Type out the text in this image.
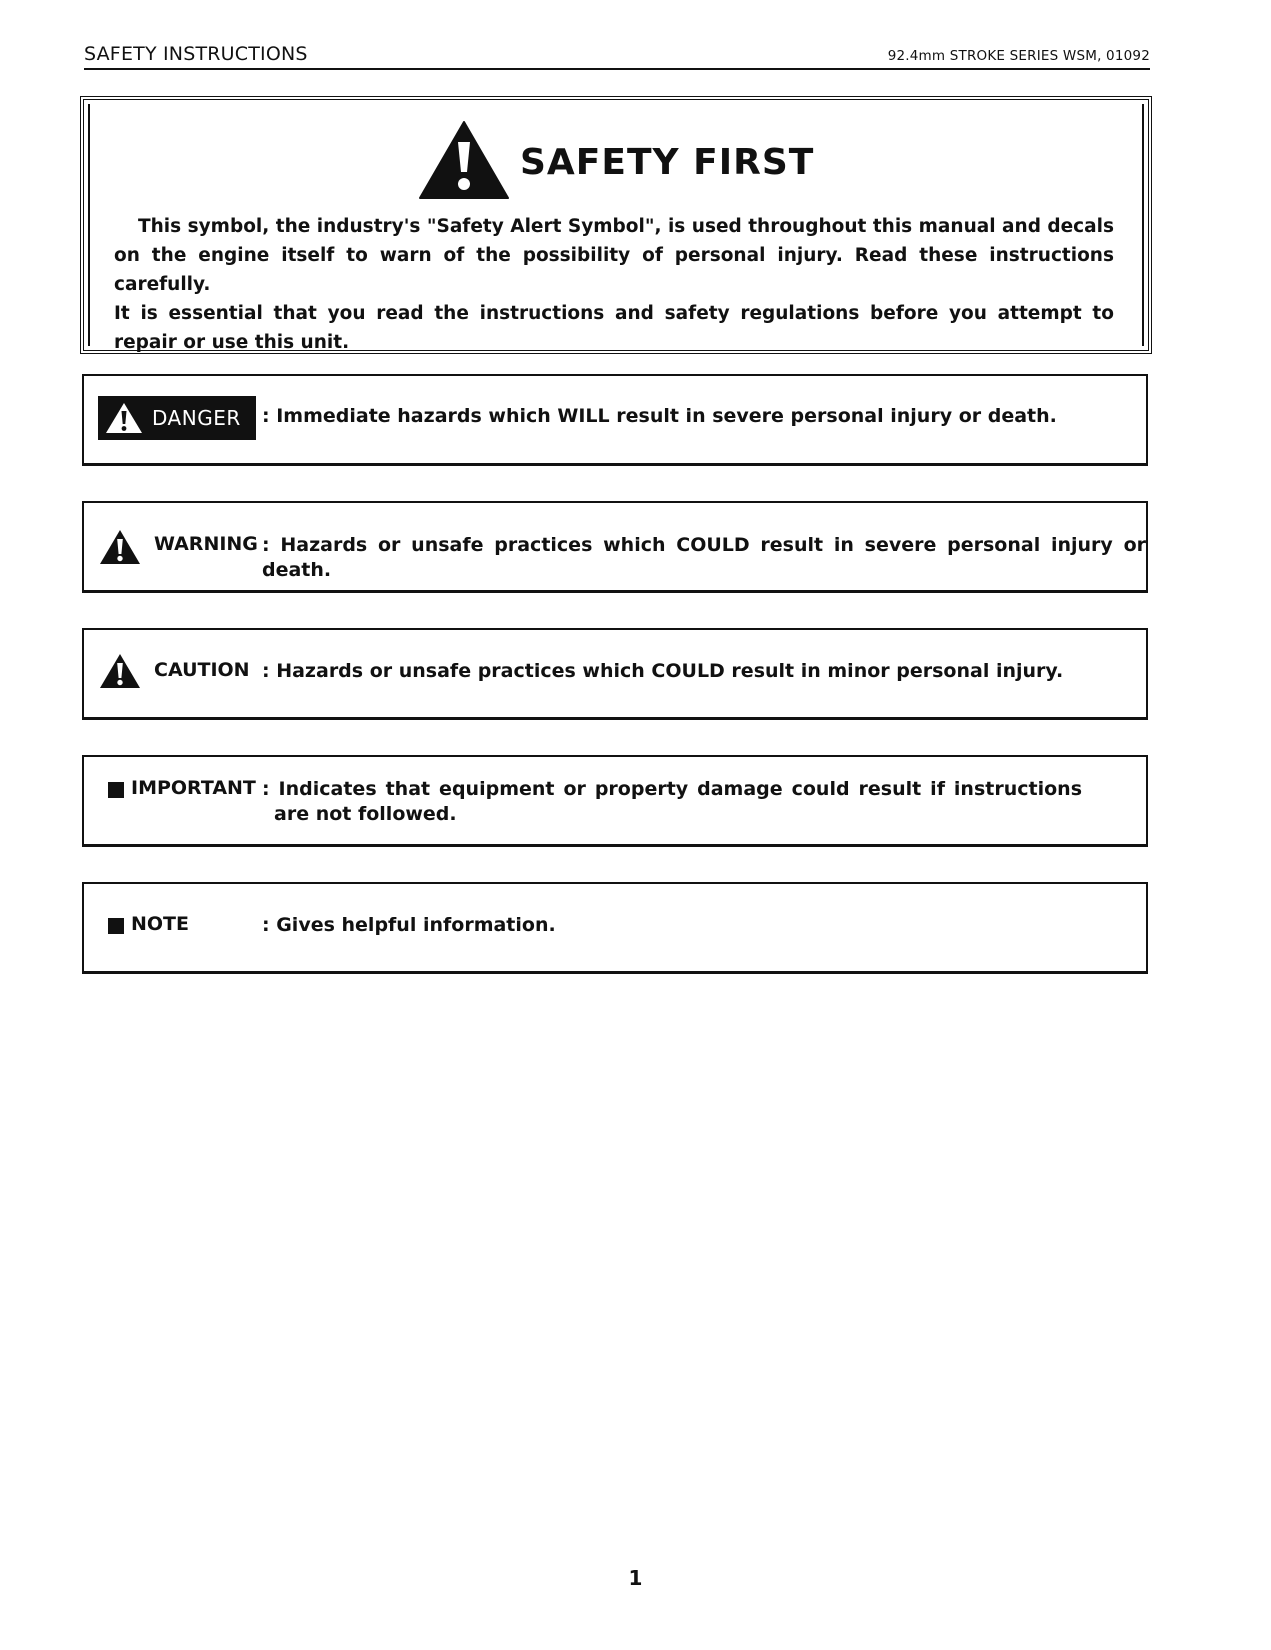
SAFETY INSTRUCTIONS	92.4mm STROKE SERIES WSM, 01092
SAFETY FIRST

This symbol, the industry's "Safety Alert Symbol", is used throughout this manual and decals on the engine itself to warn of the possibility of personal injury. Read these instructions carefully.

It is essential that you read the instructions and safety regulations before you attempt to repair or use this unit.

DANGER : Immediate hazards which WILL result in severe personal injury or death.
WARNING : Hazards or unsafe practices which COULD result in severe personal injury or death.
CAUTION : Hazards or unsafe practices which COULD result in minor personal injury.
IMPORTANT : Indicates that equipment or property damage could result if instructions are not followed.
NOTE	: Gives helpful information.
1
